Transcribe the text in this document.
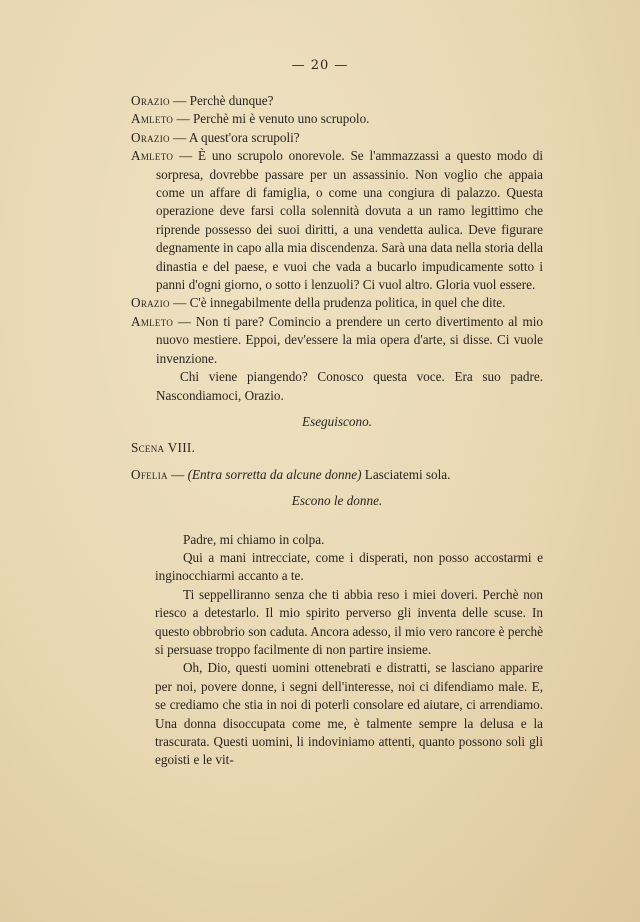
— 20 —

Orazio — Perchè dunque?

Amleto — Perchè mi è venuto uno scrupolo.

Orazio — A quest'ora scrupoli?

Amleto — È uno scrupolo onorevole. Se l'ammazzassi a questo modo di sorpresa, dovrebbe passare per un assassinio. Non voglio che appaia come un affare di famiglia, o come una congiura di palazzo. Questa operazione deve farsi colla solennità dovuta a un ramo legittimo che riprende possesso dei suoi diritti, a una vendetta aulica. Deve figurare degnamente in capo alla mia discendenza. Sarà una data nella storia della dinastia e del paese, e vuoi che vada a bucarlo impudicamente sotto i panni d'ogni giorno, o sotto i lenzuoli? Ci vuol altro. Gloria vuol essere.

Orazio — C'è innegabilmente della prudenza politica, in quel che dite.

Amleto — Non ti pare? Comincio a prendere un certo divertimento al mio nuovo mestiere. Eppoi, dev'essere la mia opera d'arte, si disse. Ci vuole invenzione.

Chi viene piangendo? Conosco questa voce. Era suo padre. Nascondiamoci, Orazio.

Eseguiscono.

Scena VIII.

Ofelia — (Entra sorretta da alcune donne) Lasciatemi sola.

Escono le donne.

Padre, mi chiamo in colpa.

Qui a mani intrecciate, come i disperati, non posso accostarmi e inginocchiarmi accanto a te.

Ti seppelliranno senza che ti abbia reso i miei doveri. Perchè non riesco a detestarlo. Il mio spirito perverso gli inventa delle scuse. In questo obbrobrio son caduta. Ancora adesso, il mio vero rancore è perchè si persuase troppo facilmente di non partire insieme.

Oh, Dio, questi uomini ottenebrati e distratti, se lasciano apparire per noi, povere donne, i segni dell'interesse, noi ci difendiamo male. E, se crediamo che stia in noi di poterli consolare ed aiutare, ci arrendiamo. Una donna disoccupata come me, è talmente sempre la delusa e la trascurata. Questi uomini, li indoviniamo attenti, quanto possono soli gli egoisti e le vit-
